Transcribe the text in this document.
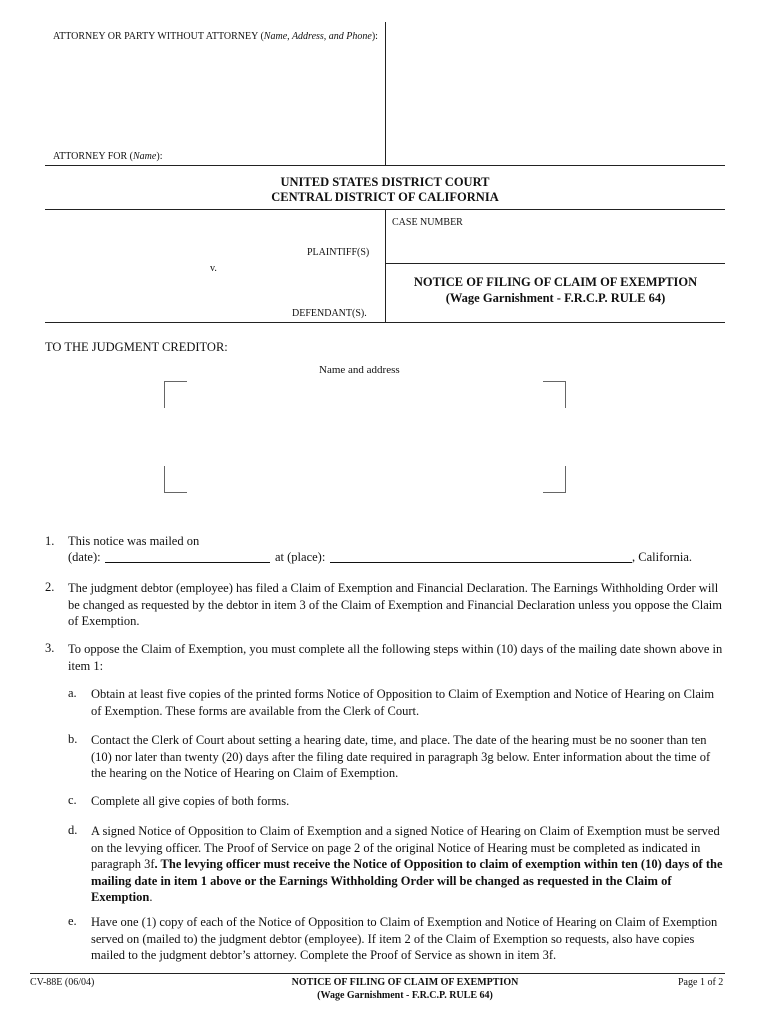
ATTORNEY OR PARTY WITHOUT ATTORNEY (Name, Address, and Phone):
ATTORNEY FOR (Name):
UNITED STATES DISTRICT COURT
CENTRAL DISTRICT OF CALIFORNIA
CASE NUMBER
PLAINTIFF(S)
v.
DEFENDANT(S).
NOTICE OF FILING OF CLAIM OF EXEMPTION
(Wage Garnishment - F.R.C.P. RULE 64)
TO THE JUDGMENT CREDITOR:
Name and address
1. This notice was mailed on
(date):	at (place):	, California.
2. The judgment debtor (employee) has filed a Claim of Exemption and Financial Declaration. The Earnings Withholding Order will be changed as requested by the debtor in item 3 of the Claim of Exemption and Financial Declaration unless you oppose the Claim of Exemption.
3. To oppose the Claim of Exemption, you must complete all the following steps within (10) days of the mailing date shown above in item 1:
a. Obtain at least five copies of the printed forms Notice of Opposition to Claim of Exemption and Notice of Hearing on Claim of Exemption. These forms are available from the Clerk of Court.
b. Contact the Clerk of Court about setting a hearing date, time, and place. The date of the hearing must be no sooner than ten (10) nor later than twenty (20) days after the filing date required in paragraph 3g below. Enter information about the time of the hearing on the Notice of Hearing on Claim of Exemption.
c. Complete all give copies of both forms.
d. A signed Notice of Opposition to Claim of Exemption and a signed Notice of Hearing on Claim of Exemption must be served on the levying officer. The Proof of Service on page 2 of the original Notice of Hearing must be completed as indicated in paragraph 3f. The levying officer must receive the Notice of Opposition to claim of exemption within ten (10) days of the mailing date in item 1 above or the Earnings Withholding Order will be changed as requested in the Claim of Exemption.
e. Have one (1) copy of each of the Notice of Opposition to Claim of Exemption and Notice of Hearing on Claim of Exemption served on (mailed to) the judgment debtor (employee). If item 2 of the Claim of Exemption so requests, also have copies mailed to the judgment debtor’s attorney. Complete the Proof of Service as shown in item 3f.
CV-88E (06/04)	NOTICE OF FILING OF CLAIM OF EXEMPTION
(Wage Garnishment - F.R.C.P. RULE 64)
Page 1 of 2
